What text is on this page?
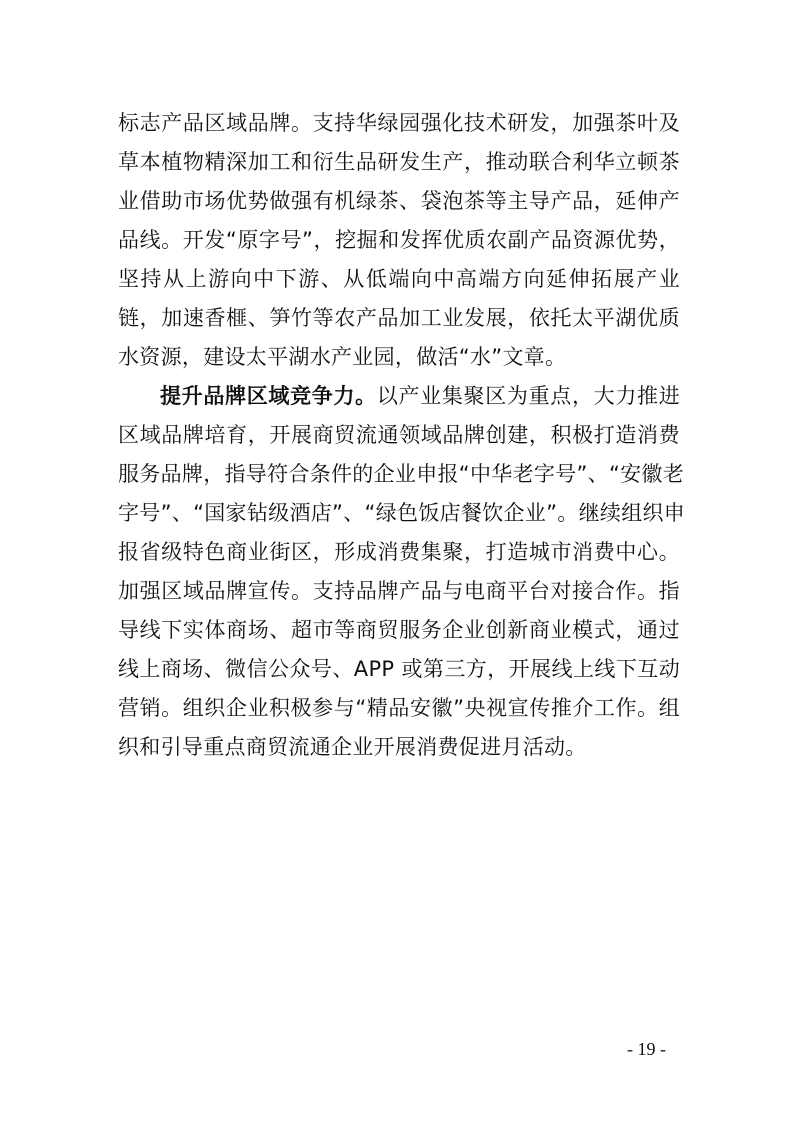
标志产品区域品牌。支持华绿园强化技术研发，加强茶叶及
草本植物精深加工和衍生品研发生产，推动联合利华立顿茶
业借助市场优势做强有机绿茶、袋泡茶等主导产品，延伸产
品线。开发“原字号”，挖掘和发挥优质农副产品资源优势，
坚持从上游向中下游、从低端向中高端方向延伸拓展产业
链，加速香榧、笋竹等农产品加工业发展，依托太平湖优质
水资源，建设太平湖水产业园，做活“水”文章。
提升品牌区域竞争力。以产业集聚区为重点，大力推进
区域品牌培育，开展商贸流通领域品牌创建，积极打造消费
服务品牌，指导符合条件的企业申报“中华老字号”、“安徽老
字号”、“国家钻级酒店”、“绿色饭店餐饮企业”。继续组织申
报省级特色商业街区，形成消费集聚，打造城市消费中心。
加强区域品牌宣传。支持品牌产品与电商平台对接合作。指
导线下实体商场、超市等商贸服务企业创新商业模式，通过
线上商场、微信公众号、APP 或第三方，开展线上线下互动
营销。组织企业积极参与“精品安徽”央视宣传推介工作。组
织和引导重点商贸流通企业开展消费促进月活动。
- 19 -
